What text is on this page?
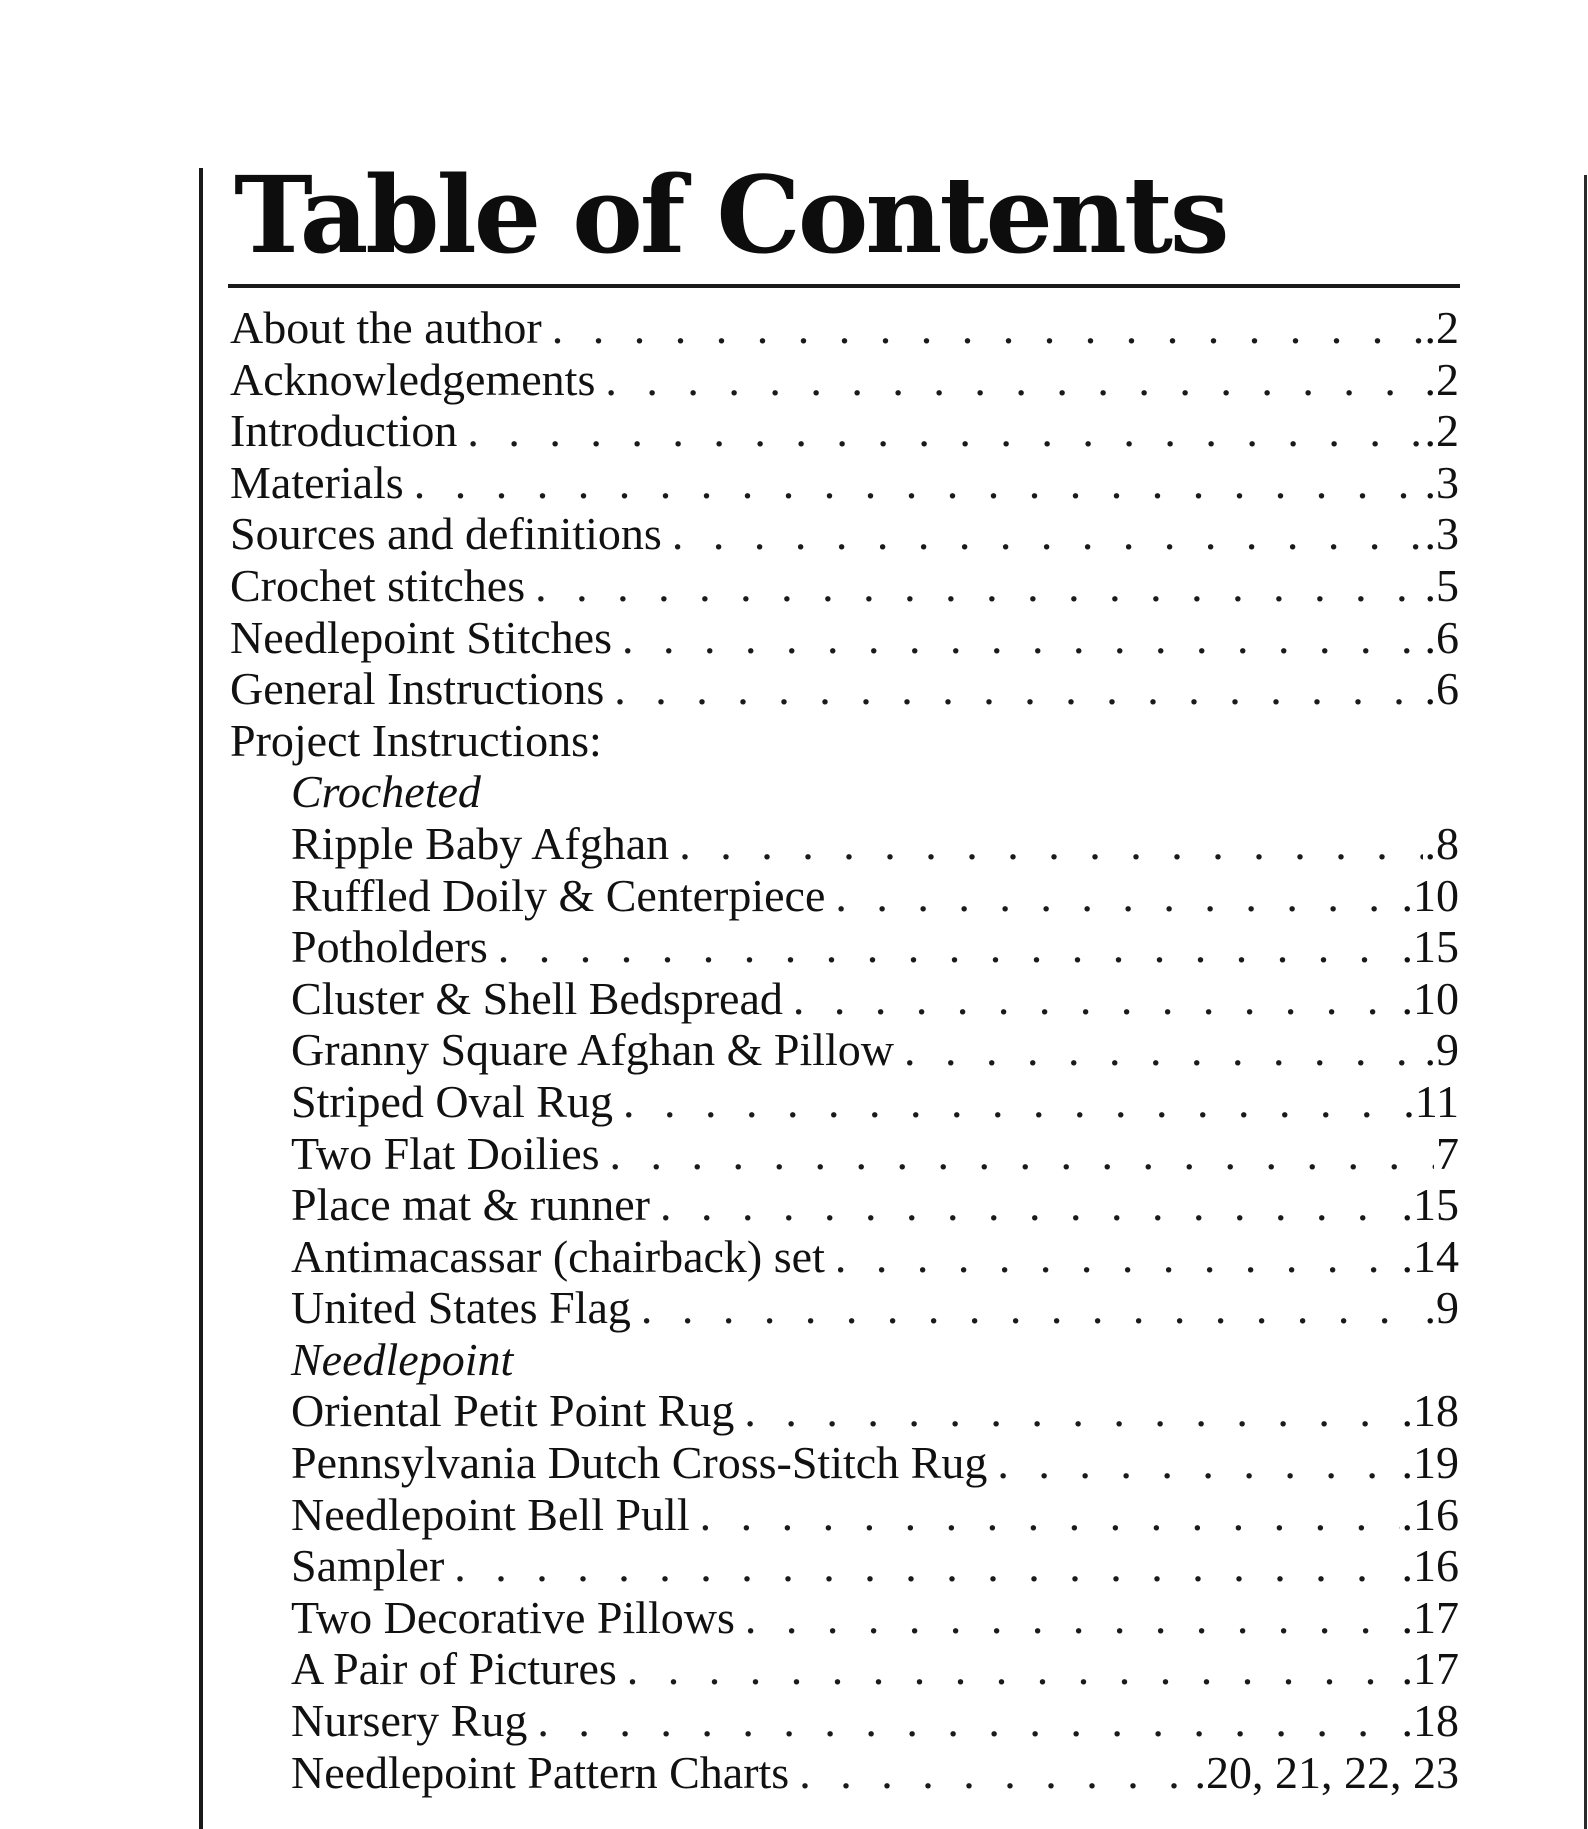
Table of Contents
About the author . . .	.2
Acknowledgements . . .	.2
Introduction . . .	.2
Materials . . .	.3
Sources and definitions . . .	.3
Crochet stitches . . .	.5
Needlepoint Stitches . . .	.6
General Instructions . . .	.6
Project Instructions:
Crocheted
Ripple Baby Afghan . . .	.8
Ruffled Doily & Centerpiece . . .	.10
Potholders . . .	.15
Cluster & Shell Bedspread . . .	.10
Granny Square Afghan & Pillow . . .	.9
Striped Oval Rug . . .	.11
Two Flat Doilies . . .	7
Place mat & runner . . .	.15
Antimacassar (chairback) set . . .	.14
United States Flag . . .	.9
Needlepoint
Oriental Petit Point Rug . . .	.18
Pennsylvania Dutch Cross-Stitch Rug . . .	.19
Needlepoint Bell Pull . . .	.16
Sampler . . .	.16
Two Decorative Pillows . . .	.17
A Pair of Pictures . . .	.17
Nursery Rug . . .	.18
Needlepoint Pattern Charts . . .	.20, 21, 22, 23
